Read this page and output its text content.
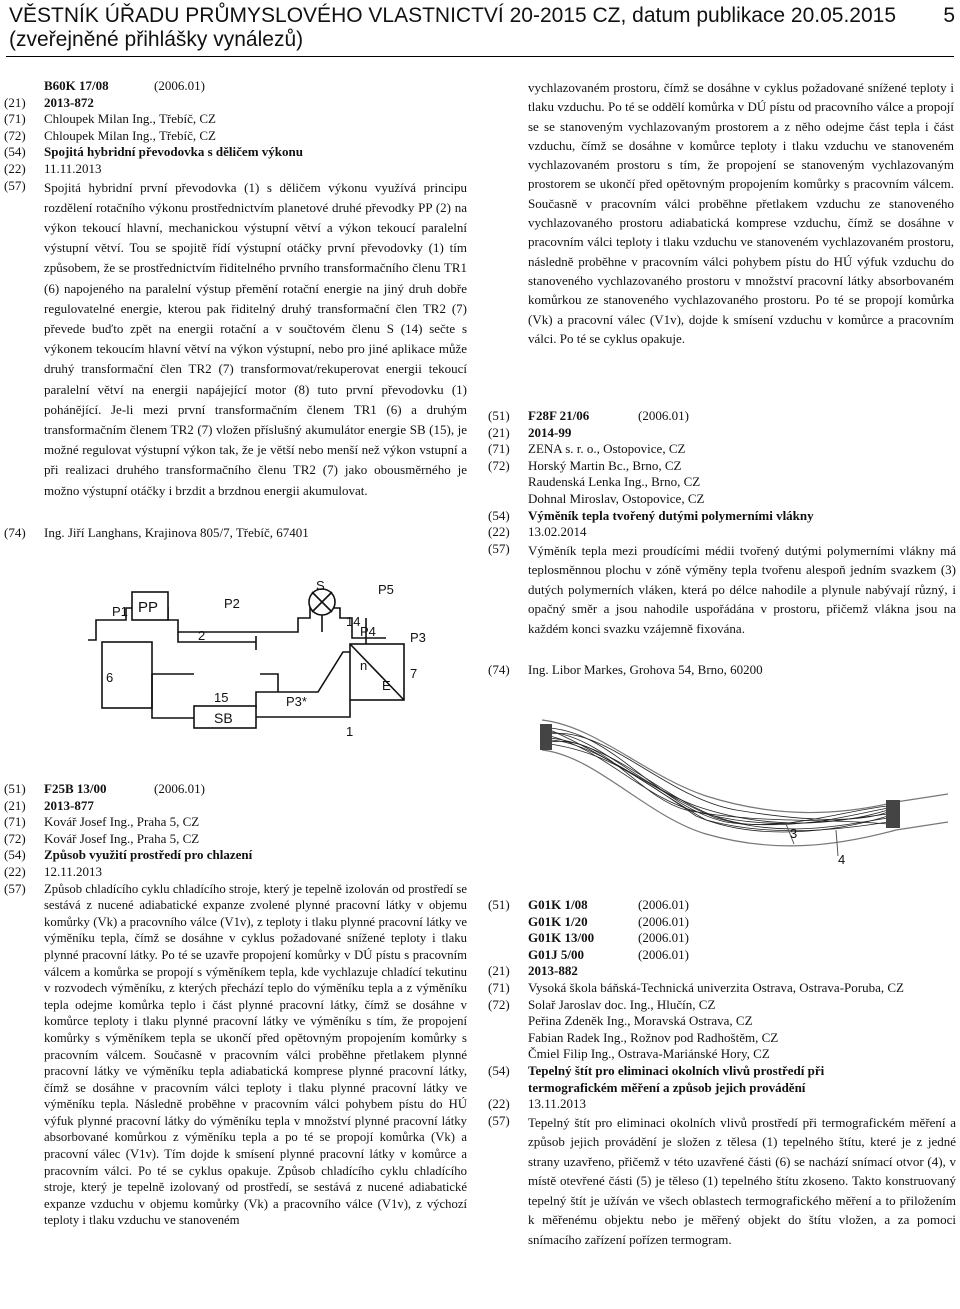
VĚSTNÍK ÚŘADU PRŮMYSLOVÉHO VLASTNICTVÍ 20-2015 CZ, datum publikace 20.05.2015
(zveřejněné přihlášky vynálezů)
5
B60K 17/08	(2006.01)
(21)	2013-872
(71)	Chloupek Milan Ing., Třebíč, CZ
(72)	Chloupek Milan Ing., Třebíč, CZ
(54)	Spojitá hybridní převodovka s děličem výkonu
(22)	11.11.2013
(57)	Spojitá hybridní první převodovka (1) s děličem výkonu využívá principu rozdělení rotačního výkonu prostřednictvím planetové druhé převodky PP (2) na výkon tekoucí hlavní, mechanickou výstupní větví a výkon tekoucí paralelní výstupní větví. Tou se spojitě řídí výstupní otáčky první převodovky (1) tím způsobem, že se prostřednictvím řiditelného prvního transformačního členu TR1 (6) napojeného na paralelní výstup přemění rotační energie na jiný druh dobře regulovatelné energie, kterou pak řiditelný druhý transformační člen TR2 (7) převede buďto zpět na energii rotační a v součtovém členu S (14) sečte s výkonem tekoucím hlavní větví na výkon výstupní, nebo pro jiné aplikace může druhý transformační člen TR2 (7) transformovat/rekuperovat energii tekoucí paralelní větví na energii napájející motor (8) tuto první převodovku (1) pohánějící. Je-li mezi první transformačním členem TR1 (6) a druhým transformačním členem TR2 (7) vložen příslušný akumulátor energie SB (15), je možné regulovat výstupní výkon tak, že je větší nebo menší než výkon vstupní a při realizaci druhého transformačního členu TR2 (7) jako obousměrného je možno výstupní otáčky i brzdit a brzdnou energii akumulovat.
(74)	Ing. Jiří Langhans, Krajinova 805/7, Třebíč, 67401
P1 PP	P2
S	P5
P4
2
14
P3
6
n
E
7
15
SB
P3*
1
(51)	F25B 13/00	(2006.01)
(21)	2013-877
(71)	Kovář Josef Ing., Praha 5, CZ
(72)	Kovář Josef Ing., Praha 5, CZ
(54)	Způsob využití prostředí pro chlazení
(22)	12.11.2013
(57)	Způsob chladícího cyklu chladícího stroje, který je tepelně izolován od prostředí se sestává z nucené adiabatické expanze zvolené plynné pracovní látky v objemu komůrky (Vk) a pracovního válce (V1v), z teploty i tlaku plynné pracovní látky ve výměníku tepla, čímž se dosáhne v cyklus požadované snížené teploty i tlaku plynné pracovní látky. Po té se uzavře propojení komůrky v DÚ pístu s pracovním válcem a komůrka se propojí s výměníkem tepla, kde vychlazuje chladící tekutinu v rozvodech výměníku, z kterých přechází teplo do výměníku tepla a z výměníku tepla odejme komůrka teplo i část plynné pracovní látky, čímž se dosáhne v komůrce teploty i tlaku plynné pracovní látky ve výměníku s tím, že propojení komůrky s výměníkem tepla se ukončí před opětovným propojením komůrky s pracovním válcem. Současně v pracovním válci proběhne přetlakem plynné pracovní látky ve výměníku tepla adiabatická komprese plynné pracovní látky, čímž se dosáhne v pracovním válci teploty i tlaku plynné pracovní látky ve výměníku tepla. Následně proběhne v pracovním válci pohybem pístu do HÚ výfuk plynné pracovní látky do výměníku tepla v množství plynné pracovní látky absorbované komůrkou z výměníku tepla a po té se propojí komůrka (Vk) a pracovní válec (V1v). Tím dojde k smísení plynné pracovní látky v komůrce a pracovním válci. Po té se cyklus opakuje. Způsob chladícího cyklu chladícího stroje, který je tepelně izolovaný od prostředí, se sestává z nucené adiabatické expanze vzduchu v objemu komůrky (Vk) a pracovního válce (V1v), z výchozí teploty i tlaku vzduchu ve stanoveném
vychlazovaném prostoru, čímž se dosáhne v cyklus požadované snížené teploty i tlaku vzduchu. Po té se oddělí komůrka v DÚ pístu od pracovního válce a propojí se se stanoveným vychlazovaným prostorem a z něho odejme část tepla i část vzduchu, čímž se dosáhne v komůrce teploty i tlaku vzduchu ve stanoveném vychlazovaném prostoru s tím, že propojení se stanoveným vychlazovaným prostorem se ukončí před opětovným propojením komůrky s pracovním válcem. Současně v pracovním válci proběhne přetlakem vzduchu ze stanoveného vychlazovaného prostoru adiabatická komprese vzduchu, čímž se dosáhne v pracovním válci teploty i tlaku vzduchu ve stanoveném vychlazovaném prostoru, následně proběhne v pracovním válci pohybem pístu do HÚ výfuk vzduchu do stanoveného vychlazovaného prostoru v množství pracovní látky absorbovaném komůrkou ze stanoveného vychlazovaného prostoru. Po té se propojí komůrka (Vk) a pracovní válec (V1v), dojde k smísení vzduchu v komůrce a pracovním válci. Po té se cyklus opakuje.
(51)	F28F 21/06	(2006.01)
(21)	2014-99
(71)	ZENA s. r. o., Ostopovice, CZ
(72)	Horský Martin Bc., Brno, CZ
Raudenská Lenka Ing., Brno, CZ
Dohnal Miroslav, Ostopovice, CZ
(54)	Výměník tepla tvořený dutými polymerními vlákny
(22)	13.02.2014
(57)	Výměník tepla mezi proudícími médii tvořený dutými polymerními vlákny má teplosměnnou plochu v zóně výměny tepla tvořenu alespoň jedním svazkem (3) dutých polymerních vláken, která po délce nahodile a plynule nabývají různý, i opačný směr a jsou nahodile uspořádána v prostoru, přičemž vlákna jsou na každém konci svazku vzájemně fixována.
(74)	Ing. Libor Markes, Grohova 54, Brno, 60200
3
4
(51)	G01K 1/08	(2006.01)
G01K 1/20	(2006.01)
G01K 13/00	(2006.01)
G01J 5/00	(2006.01)
(21)	2013-882
(71)	Vysoká škola báňská-Technická univerzita Ostrava, Ostrava-Poruba, CZ
(72)	Solař Jaroslav doc. Ing., Hlučín, CZ
Peřina Zdeněk Ing., Moravská Ostrava, CZ
Fabian Radek Ing., Rožnov pod Radhoštěm, CZ
Čmiel Filip Ing., Ostrava-Mariánské Hory, CZ
(54)	Tepelný štít pro eliminaci okolních vlivů prostředí při
termografickém měření a způsob jejich provádění
(22)	13.11.2013
(57)	Tepelný štít pro eliminaci okolních vlivů prostředí při termografickém měření a způsob jejich provádění je složen z tělesa (1) tepelného štítu, které je z jedné strany uzavřeno, přičemž v této uzavřené části (6) se nachází snímací otvor (4), v místě otevřené části (5) je těleso (1) tepelného štítu zkoseno. Takto konstruovaný tepelný štít je užíván ve všech oblastech termografického měření a to přiložením k měřenému objektu nebo je měřený objekt do štítu vložen, a za pomoci snímacího zařízení pořízen termogram.
